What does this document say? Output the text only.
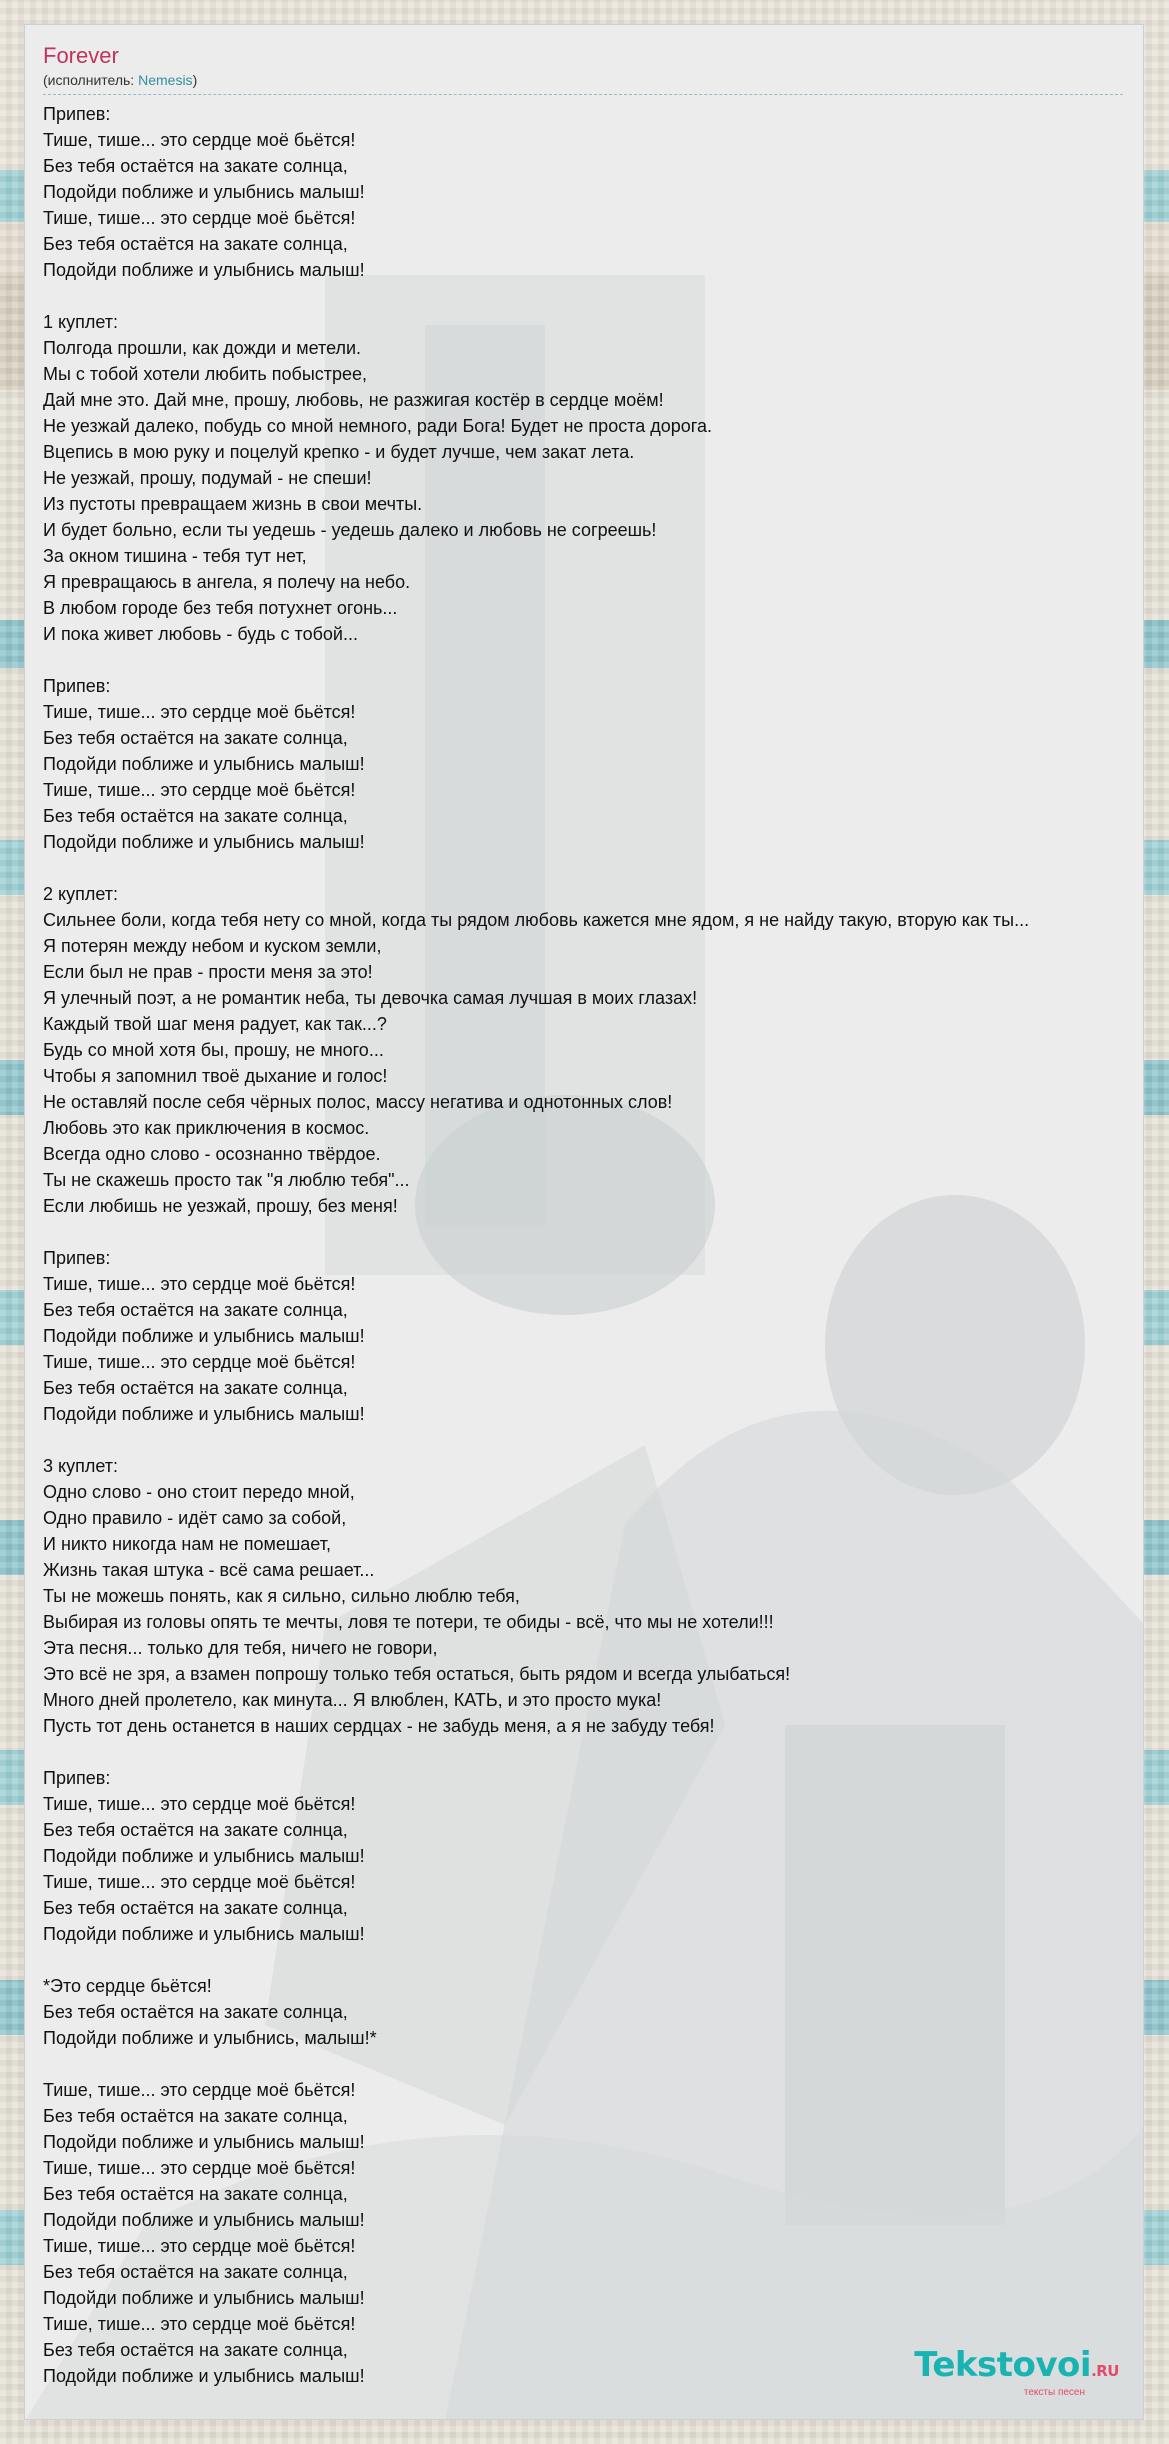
Forever
(исполнитель: Nemesis)
Припев:
Тише, тише... это сердце моё бьётся!
Без тебя остаётся на закате солнца,
Подойди поближе и улыбнись малыш!
Тише, тише... это сердце моё бьётся!
Без тебя остаётся на закате солнца,
Подойди поближе и улыбнись малыш!
1 куплет:
Полгода прошли, как дожди и метели.
Мы с тобой хотели любить побыстрее,
Дай мне это. Дай мне, прошу, любовь, не разжигая костёр в сердце моём!
Не уезжай далеко, побудь со мной немного, ради Бога! Будет не проста дорога.
Вцепись в мою руку и поцелуй крепко - и будет лучше, чем закат лета.
Не уезжай, прошу, подумай - не спеши!
Из пустоты превращаем жизнь в свои мечты.
И будет больно, если ты уедешь - уедешь далеко и любовь не согреешь!
За окном тишина - тебя тут нет,
Я превращаюсь в ангела, я полечу на небо.
В любом городе без тебя потухнет огонь...
И пока живет любовь - будь с тобой...
Припев:
Тише, тише... это сердце моё бьётся!
Без тебя остаётся на закате солнца,
Подойди поближе и улыбнись малыш!
Тише, тише... это сердце моё бьётся!
Без тебя остаётся на закате солнца,
Подойди поближе и улыбнись малыш!
2 куплет:
Сильнее боли, когда тебя нету со мной, когда ты рядом любовь кажется мне ядом, я не найду такую, вторую как ты...
Я потерян между небом и куском земли,
Если был не прав - прости меня за это!
Я улечный поэт, а не романтик неба, ты девочка самая лучшая в моих глазах!
Каждый твой шаг меня радует, как так...?
Будь со мной хотя бы, прошу, не много...
Чтобы я запомнил твоё дыхание и голос!
Не оставляй после себя чёрных полос, массу негатива и однотонных слов!
Любовь это как приключения в космос.
Всегда одно слово - осознанно твёрдое.
Ты не скажешь просто так "я люблю тебя"...
Если любишь не уезжай, прошу, без меня!
Припев:
Тише, тише... это сердце моё бьётся!
Без тебя остаётся на закате солнца,
Подойди поближе и улыбнись малыш!
Тише, тише... это сердце моё бьётся!
Без тебя остаётся на закате солнца,
Подойди поближе и улыбнись малыш!
3 куплет:
Одно слово - оно стоит передо мной,
Одно правило - идёт само за собой,
И никто никогда нам не помешает,
Жизнь такая штука - всё сама решает...
Ты не можешь понять, как я сильно, сильно люблю тебя,
Выбирая из головы опять те мечты, ловя те потери, те обиды - всё, что мы не хотели!!!
Эта песня... только для тебя, ничего не говори,
Это всё не зря, а взамен попрошу только тебя остаться, быть рядом и всегда улыбаться!
Много дней пролетело, как минута... Я влюблен, КАТЬ, и это просто мука!
Пусть тот день останется в наших сердцах - не забудь меня, а я не забуду тебя!
Припев:
Тише, тише... это сердце моё бьётся!
Без тебя остаётся на закате солнца,
Подойди поближе и улыбнись малыш!
Тише, тише... это сердце моё бьётся!
Без тебя остаётся на закате солнца,
Подойди поближе и улыбнись малыш!
*Это сердце бьётся!
Без тебя остаётся на закате солнца,
Подойди поближе и улыбнись, малыш!*
Тише, тише... это сердце моё бьётся!
Без тебя остаётся на закате солнца,
Подойди поближе и улыбнись малыш!
Тише, тише... это сердце моё бьётся!
Без тебя остаётся на закате солнца,
Подойди поближе и улыбнись малыш!
Тише, тише... это сердце моё бьётся!
Без тебя остаётся на закате солнца,
Подойди поближе и улыбнись малыш!
Тише, тише... это сердце моё бьётся!
Без тебя остаётся на закате солнца,
Подойди поближе и улыбнись малыш!	Tekstovoi.RU
тексты песен
